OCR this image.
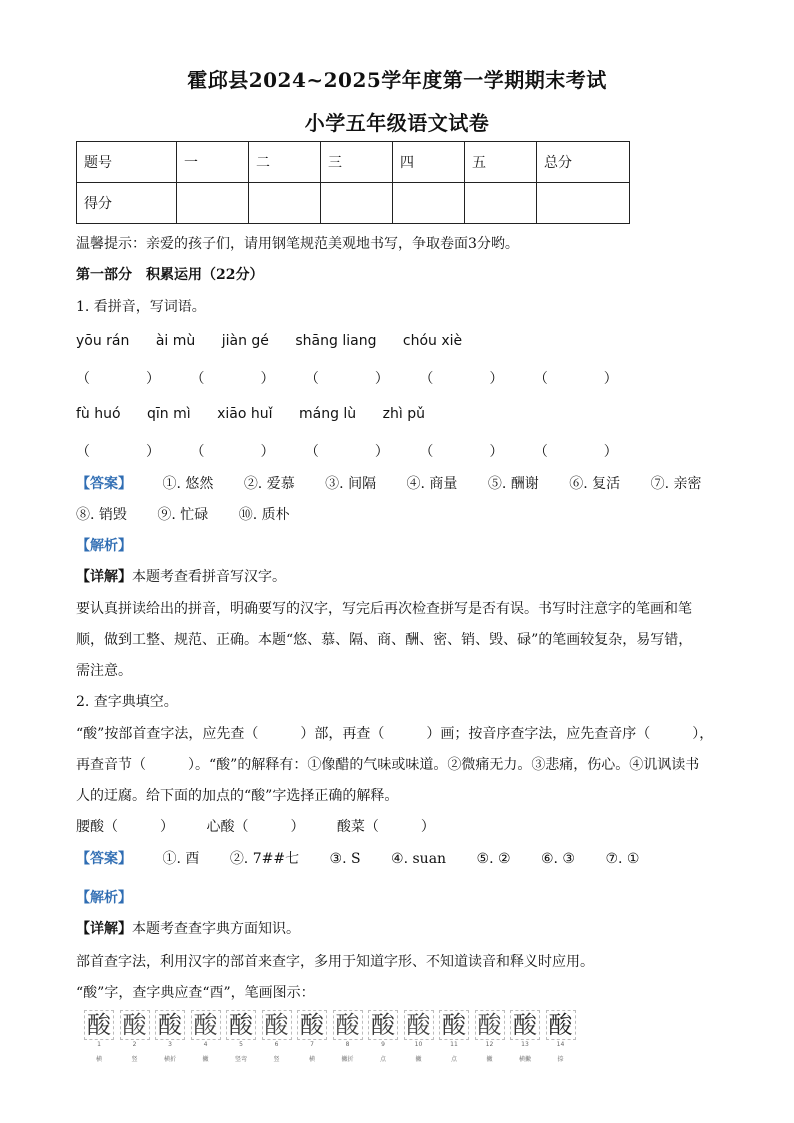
霍邱县2024~2025学年度第一学期期末考试
小学五年级语文试卷
题号	一	二	三	四	五	总分
得分						
温馨提示：亲爱的孩子们，请用钢笔规范美观地书写，争取卷面3分哟。
第一部分　积累运用（22分）
1. 看拼音，写词语。
yōu rán ài mù jiàn gé shāng liang chóu xiè
（　　　　） （　　　　） （　　　　） （　　　　） （　　　　）
fù huó qīn mì xiāo huǐ máng lù zhì pǔ
（　　　　） （　　　　） （　　　　） （　　　　） （　　　　）
【答案】 ①. 悠然 ②. 爱慕 ③. 间隔 ④. 商量 ⑤. 酬谢 ⑥. 复活 ⑦. 亲密
⑧. 销毁 ⑨. 忙碌 ⑩. 质朴
【解析】
【详解】本题考查看拼音写汉字。
要认真拼读给出的拼音，明确要写的汉字，写完后再次检查拼写是否有误。书写时注意字的笔画和笔
顺，做到工整、规范、正确。本题“悠、慕、隔、商、酬、密、销、毁、碌”的笔画较复杂，易写错，
需注意。
2. 查字典填空。
“酸”按部首查字法，应先查（　　　）部，再查（　　　）画；按音序查字法，应先查音序（　　　），
再查音节（　　　）。“酸”的解释有：①像醋的气味或味道。②微痛无力。③悲痛，伤心。④讥讽读书
人的迂腐。给下面的加点的“酸”字选择正确的解释。
腰酸（　　　） 心酸（　　　） 酸菜（　　　）
【答案】 ①. 酉 ②. 7##七 ③. S ④. suan ⑤. ② ⑥. ③ ⑦. ①
【解析】
【详解】本题考查查字典方面知识。
部首查字法，利用汉字的部首来查字，多用于知道字形、不知道读音和释义时应用。
“酸”字，查字典应查“酉”，笔画图示：
酸
1
横
酸
2
竖
酸
3
横折
酸
4
撇
酸
5
竖弯
酸
6
竖
酸
7
横
酸
8
撇折
酸
9
点
酸
10
撇
酸
11
点
酸
12
撇
酸
13
横撇
酸
14
捺
